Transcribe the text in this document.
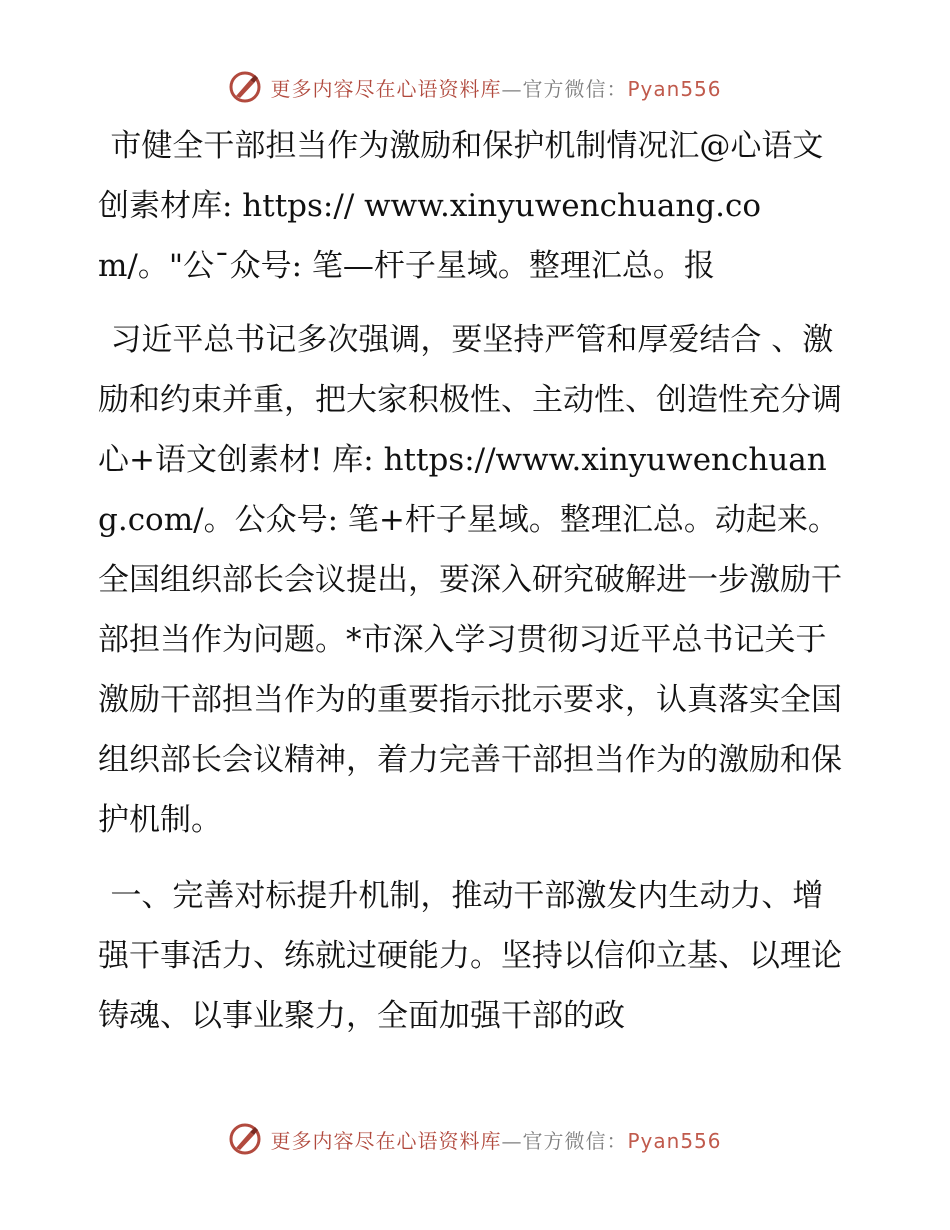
更多内容尽在心语资料库—官方微信：Pyan556

市健全干部担当作为激励和保护机制情况汇@心语文创素材库: https:// www.xinyuwenchuang.com/。"公¯众号: 笔—杆子星域。整理汇总。报

习近平总书记多次强调，要坚持严管和厚爱结合 、激励和约束并重，把大家积极性、主动性、创造性充分调心+语文创素材! 库: https://www.xinyuwenchuang.com/。公众号: 笔+杆子星域。整理汇总。动起来。全国组织部长会议提出，要深入研究破解进一步激励干部担当作为问题。*市深入学习贯彻习近平总书记关于激励干部担当作为的重要指示批示要求，认真落实全国组织部长会议精神，着力完善干部担当作为的激励和保护机制。

一、完善对标提升机制，推动干部激发内生动力、增强干事活力、练就过硬能力。坚持以信仰立基、以理论铸魂、以事业聚力，全面加强干部的政

更多内容尽在心语资料库—官方微信：Pyan556
